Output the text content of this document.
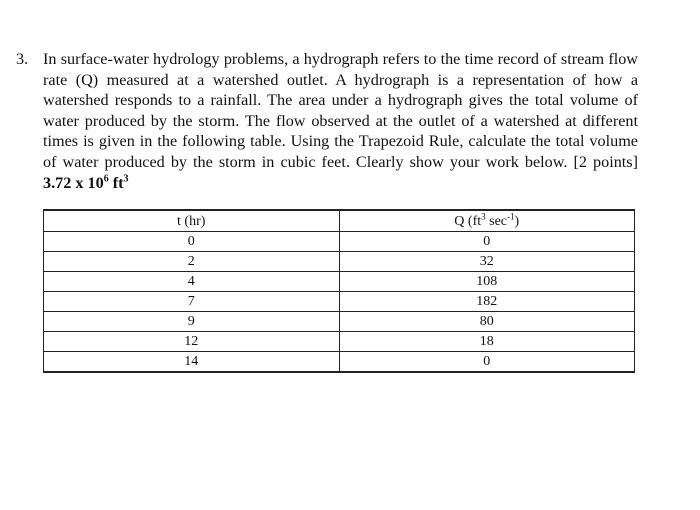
3. In surface-water hydrology problems, a hydrograph refers to the time record of stream flow rate (Q) measured at a watershed outlet. A hydrograph is a representation of how a watershed responds to a rainfall. The area under a hydrograph gives the total volume of water produced by the storm. The flow observed at the outlet of a watershed at different times is given in the following table. Using the Trapezoid Rule, calculate the total volume of water produced by the storm in cubic feet. Clearly show your work below. [2 points] 3.72 x $10^6$ $ft^3$
t (hr)	Q ($ft^3$ $\sec^{-1}$)
0	0
2	32
4	108
7	182
9	80
12	18
14	0
